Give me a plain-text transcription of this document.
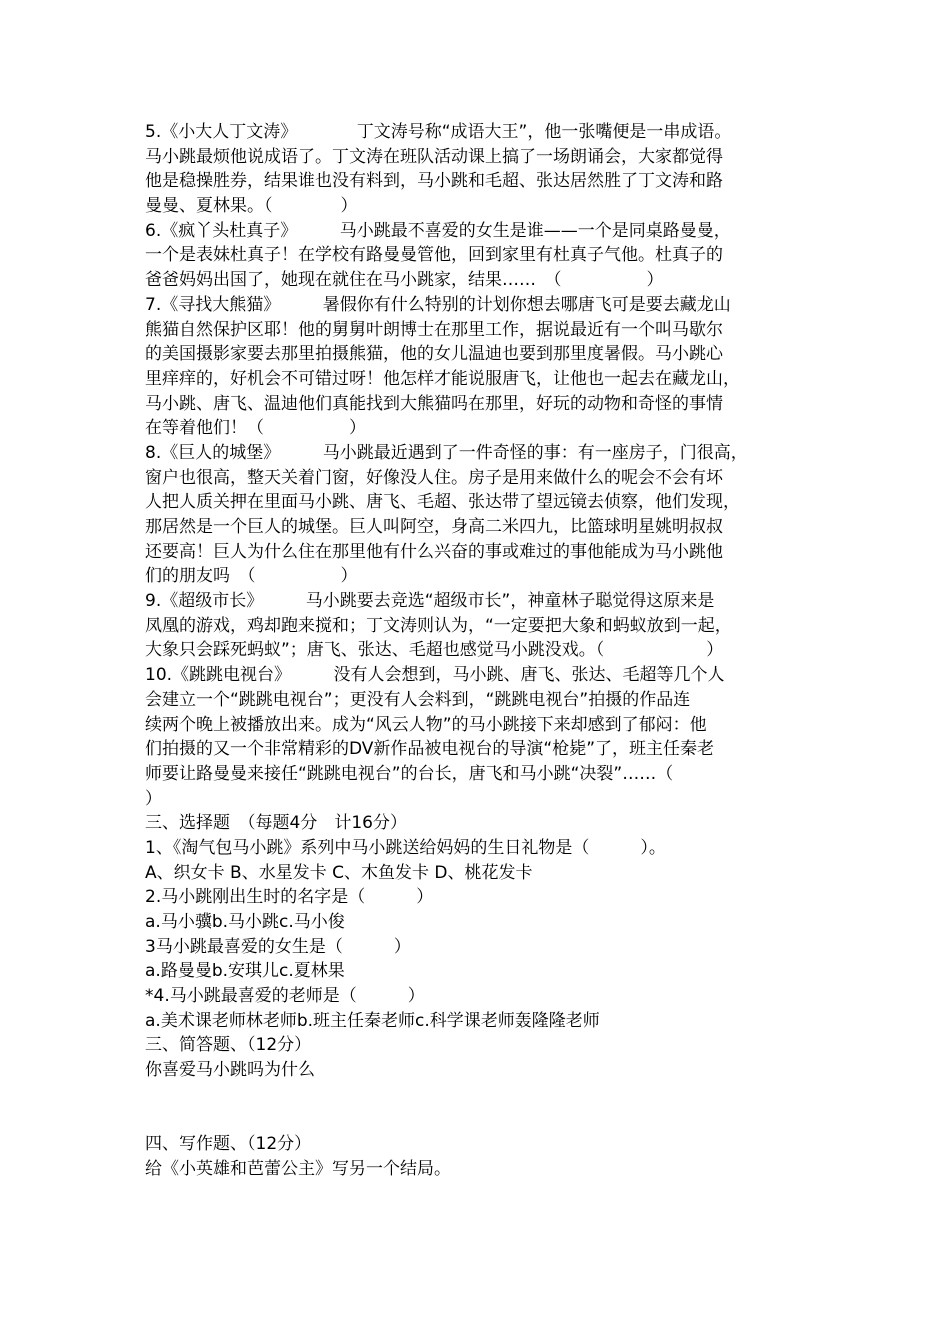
5.《小大人丁文涛》　　　　丁文涛号称“成语大王”，他一张嘴便是一串成语。
马小跳最烦他说成语了。丁文涛在班队活动课上搞了一场朗诵会，大家都觉得
他是稳操胜券，结果谁也没有料到，马小跳和毛超、张达居然胜了丁文涛和路
曼曼、夏林果。（　　　　）
6.《疯丫头杜真子》　　　马小跳最不喜爱的女生是谁——一个是同桌路曼曼，
一个是表妹杜真子！在学校有路曼曼管他，回到家里有杜真子气他。杜真子的
爸爸妈妈出国了，她现在就住在马小跳家，结果……　（　　　　　）
7.《寻找大熊猫》　　　暑假你有什么特别的计划你想去哪唐飞可是要去藏龙山
熊猫自然保护区耶！他的舅舅叶朗博士在那里工作，据说最近有一个叫马歇尔
的美国摄影家要去那里拍摄熊猫，他的女儿温迪也要到那里度暑假。马小跳心
里痒痒的，好机会不可错过呀！他怎样才能说服唐飞，让他也一起去在藏龙山，
马小跳、唐飞、温迪他们真能找到大熊猫吗在那里，好玩的动物和奇怪的事情
在等着他们！（　　　　　）
8.《巨人的城堡》　　　马小跳最近遇到了一件奇怪的事：有一座房子，门很高，
窗户也很高，整天关着门窗，好像没人住。房子是用来做什么的呢会不会有坏
人把人质关押在里面马小跳、唐飞、毛超、张达带了望远镜去侦察，他们发现，
那居然是一个巨人的城堡。巨人叫阿空，身高二米四九，比篮球明星姚明叔叔
还要高！巨人为什么住在那里他有什么兴奋的事或难过的事他能成为马小跳他
们的朋友吗　（　　　　　）
9.《超级市长》　　　马小跳要去竞选“超级市长”，神童林子聪觉得这原来是
凤凰的游戏，鸡却跑来搅和；丁文涛则认为，“一定要把大象和蚂蚁放到一起，
大象只会踩死蚂蚁”；唐飞、张达、毛超也感觉马小跳没戏。（　　　　　　）
10.《跳跳电视台》　　　没有人会想到，马小跳、唐飞、张达、毛超等几个人
会建立一个“跳跳电视台”；更没有人会料到，“跳跳电视台”拍摄的作品连
续两个晚上被播放出来。成为“风云人物”的马小跳接下来却感到了郁闷：他
们拍摄的又一个非常精彩的DV新作品被电视台的导演“枪毙”了，班主任秦老
师要让路曼曼来接任“跳跳电视台”的台长，唐飞和马小跳“决裂”……（
）
三、选择题　（每题4分　计16分）
1、《淘气包马小跳》系列中马小跳送给妈妈的生日礼物是（　　　）。
A、织女卡 B、水星发卡 C、木鱼发卡 D、桃花发卡
2.马小跳刚出生时的名字是（　　　）
a.马小骥b.马小跳c.马小俊
3马小跳最喜爱的女生是（　　　）
a.路曼曼b.安琪儿c.夏林果
*4.马小跳最喜爱的老师是（　　　）
a.美术课老师林老师b.班主任秦老师c.科学课老师轰隆隆老师
三、简答题、（12分）
你喜爱马小跳吗为什么
四、写作题、（12分）
给《小英雄和芭蕾公主》写另一个结局。
